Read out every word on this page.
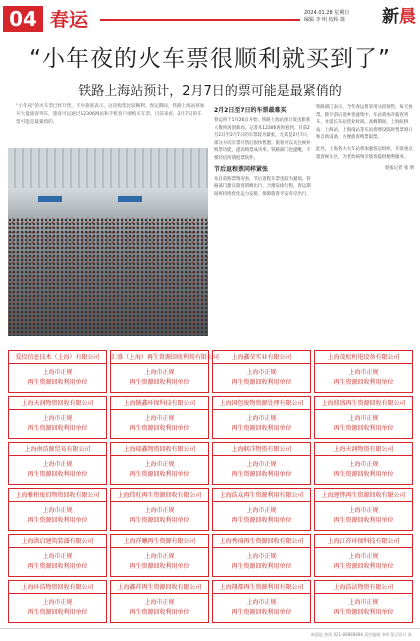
04 春运	2024.01.28 星期日
编辑 李 明 校检 陈	新晨
“小年夜的火车票很顺利就买到了”
铁路上海站预计，2月7日的票可能是最紧俏的
“小年夜”的火车票已经开售，不少旅客表示，这次购票比较顺利。春运期间，铁路上海站将加开大量旅客列车，旅客可以通过12306网站和手机客户端购买车票。目前来看，2月7日的车票可能是最紧俏的。
2月2日至7日的车票最难买

春运将于1月26日开始，铁路上海站预计发送旅客人数将再创新高。记者从12306查询看到，目前2月2日至2月7日的车票较为紧张，尤其是2月7日，部分方向车票开售后很快售罄。旅客可以关注候补购票功能，提高购票成功率。铁路部门也提醒，不要轻信所谓抢票软件。

节后返程票同样紧张

从目前购票情况看，节后返程车票也较为紧俏。铁路部门建议旅客错峰出行，合理安排行程。春运期间将持续优化运力安排，保障旅客平安有序出行。

铁路部门表示，今年春运将采用分段预售，每天放票。除夕前后返乡客流集中，车站将加开临客列车，并延长车站营业时间。高峰期间，上海虹桥站、上海站、上海南站等车站将增设临时售票窗口和自助设备，方便旅客购票取票。

此外，上海各大火车站将加强客运组织，开辟重点旅客候车区，为老幼病残孕旅客提供便利服务。

晨报记者 张 明

爱投信息技术（上海）有限公司
上海市正规
再生资源回收利用单位
汇盛（上海）再生资源回收利用有限公司
上海市正规
再生资源回收利用单位
上海鑫荣实业有限公司
上海市正规
再生资源回收利用单位
上海茂松机电设备有限公司
上海市正规
再生资源回收利用单位
上海天润物资回收有限公司
上海市正规
再生资源回收利用单位
上海铖鑫环保科技有限公司
上海市正规
再生资源回收利用单位
上海国包废物资源处理有限公司
上海市正规
再生资源回收利用单位
上海鼎盛再生资源回收有限公司
上海市正规
再生资源回收利用单位
上海南浩源贸易有限公司
上海市正规
再生资源回收利用单位
上海瑞鑫物资回收有限公司
上海市正规
再生资源回收利用单位
上海联洋物资有限公司
上海市正规
再生资源回收利用单位
上海天润物资有限公司
上海市正规
再生资源回收利用单位
上海雅桁废旧物资回收有限公司
上海市正规
再生资源回收利用单位
上海伟旺再生资源回收有限公司
上海市正规
再生资源回收利用单位
上海浩众再生资源利用有限公司
上海市正规
再生资源回收利用单位
上海建铧再生资源回收有限公司
上海市正规
再生资源回收利用单位
上海洪启建筑装潢有限公司
上海市正规
再生资源回收利用单位
上海祥曦再生资源有限公司
上海市正规
再生资源回收利用单位
上海秀琦再生资源回收有限公司
上海市正规
再生资源回收利用单位
上海江祥环保科技有限公司
上海市正规
再生资源回收利用单位
上海环浩物资回收有限公司
上海市正规
再生资源回收利用单位
上海鑫祥再生资源回收有限公司
上海市正规
再生资源回收利用单位
上海翔都再生资源利用有限公司
上海市正规
再生资源回收利用单位
上海浩法物资有限公司
上海市正规
再生资源回收利用单位
新晨报 热线 021-88888888 责任编辑 李明 版式设计 陈
